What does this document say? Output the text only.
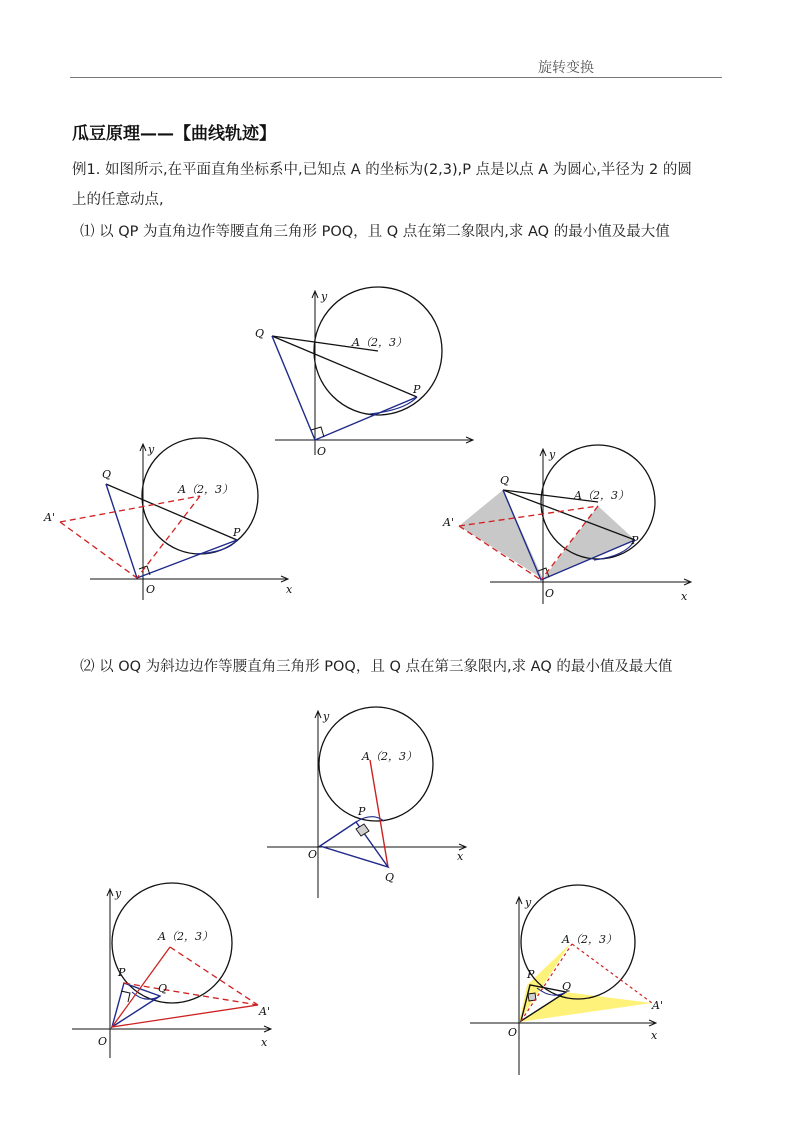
旋转变换
瓜豆原理——【曲线轨迹】
例1. 如图所示,在平面直角坐标系中,已知点 A 的坐标为(2,3),P 点是以点 A 为圆心,半径为 2 的圆
上的任意动点,
⑴ 以 QP 为直角边作等腰直角三角形 POQ，且 Q 点在第二象限内,求 AQ 的最小值及最大值
⑵ 以 OQ 为斜边边作等腰直角三角形 POQ，且 Q 点在第三象限内,求 AQ 的最小值及最大值
Q
A（2，3）
P
O
y
Q
A（2，3）
A'
P
O	x
y
Q
A（2，3）
A'
P
O	x
y
A（2，3）
P
Q
O	x
y
A（2，3）
P
Q
A'
O	x
y
A（2，3）
P
Q
A'
O	x
y
